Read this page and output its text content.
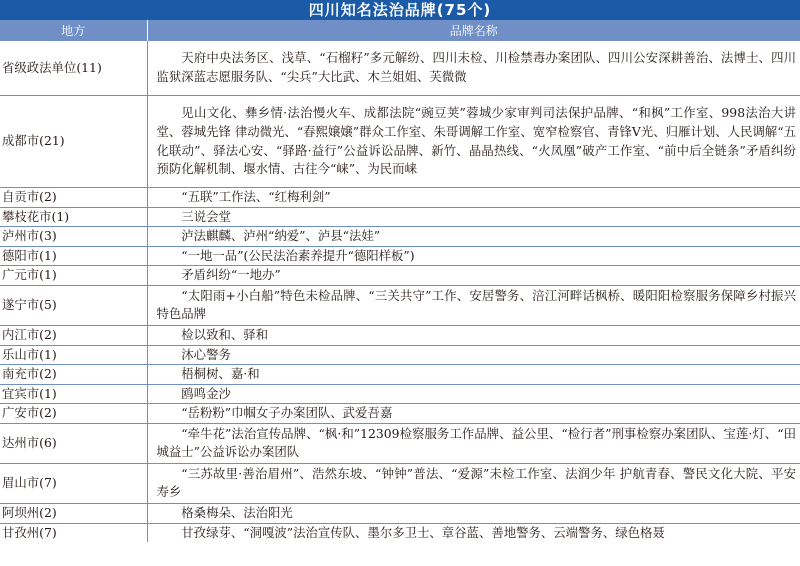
四川知名法治品牌(75个)
地方	品牌名称
省级政法单位(11)	天府中央法务区、浅草、“石榴籽”多元解纷、四川未检、川检禁毒办案团队、四川公安深耕善治、法博士、四川监狱深蓝志愿服务队、“尖兵”大比武、木兰姐姐、芙微微

成都市(21)	见山文化、彝乡情·法治慢火车、成都法院“豌豆荚”蓉城少家审判司法保护品牌、“和枫”工作室、998法治大讲堂、蓉城先锋 律动微光、“春熙嬢嬢”群众工作室、朱哥调解工作室、宽窄检察官、青锋Ⅴ光、归雁计划、人民调解“五化联动”、驿法心安、“驿路·益行”公益诉讼品牌、新竹、晶晶热线、“火凤凰”破产工作室、“前中后全链条”矛盾纠纷预防化解机制、堰水情、古往今“崃”、为民而崃

自贡市(2)	“五联”工作法、“红梅利剑”

攀枝花市(1)	三说会堂

泸州市(3)	泸法麒麟、泸州“纳爱”、泸县“法娃”

德阳市(1)	“一地一品”(公民法治素养提升“德阳样板”)

广元市(1)	矛盾纠纷“一地办”

遂宁市(5)	“太阳雨+小白船”特色未检品牌、“三关共守”工作、安居警务、涪江河畔话枫桥、暖阳阳检察服务保障乡村振兴特色品牌

内江市(2)	检以致和、驿和

乐山市(1)	沐心警务

南充市(2)	梧桐树、嘉·和

宜宾市(1)	鸥鸣金沙

广安市(2)	“岳粉粉”巾帼女子办案团队、武爱吾嘉

达州市(6)	“牵牛花”法治宣传品牌、“枫·和”12309检察服务工作品牌、益公里、“检行者”刑事检察办案团队、宝莲·灯、“田城益士”公益诉讼办案团队

眉山市(7)	“三苏故里·善治眉州”、浩然东坡、“钟钟”普法、“爱源”未检工作室、法润少年 护航青春、警民文化大院、平安寿乡

阿坝州(2)	格桑梅朵、法治阳光

甘孜州(7)	甘孜绿芽、“洞嘎波”法治宣传队、墨尔多卫士、章谷蓝、善地警务、云端警务、绿色格聂
